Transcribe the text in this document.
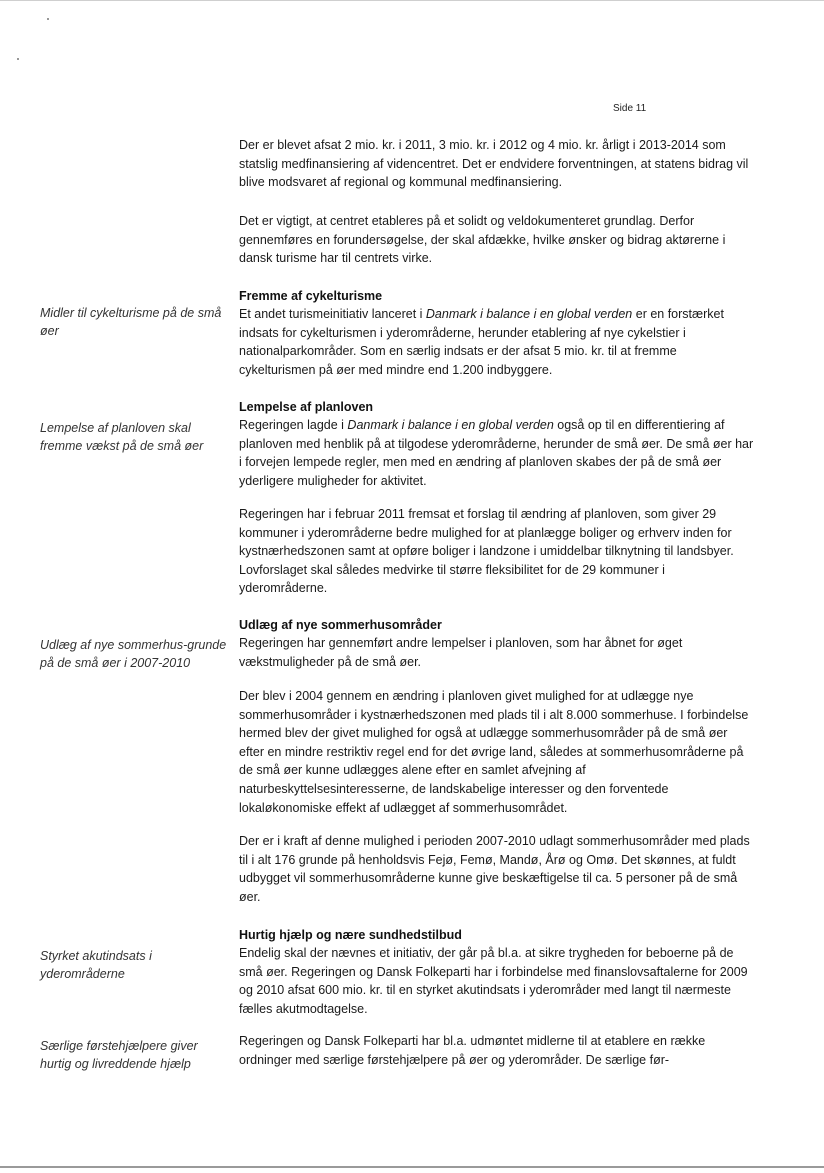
Side 11
Midler til cykelturisme på de små øer
Lempelse af planloven skal fremme vækst på de små øer
Udlæg af nye sommerhus-grunde på de små øer i 2007-2010
Styrket akutindsats i yderområderne
Særlige førstehjælpere giver hurtig og livreddende hjælp

Der er blevet afsat 2 mio. kr. i 2011, 3 mio. kr. i 2012 og 4 mio. kr. årligt i 2013-2014 som statslig medfinansiering af videncentret. Det er endvidere forventningen, at statens bidrag vil blive modsvaret af regional og kommunal medfinansiering.

Det er vigtigt, at centret etableres på et solidt og veldokumenteret grundlag. Derfor gennemføres en forundersøgelse, der skal afdække, hvilke ønsker og bidrag aktørerne i dansk turisme har til centrets virke.

Fremme af cykelturisme

Et andet turismeinitiativ lanceret i Danmark i balance i en global verden er en forstærket indsats for cykelturismen i yderområderne, herunder etablering af nye cykelstier i nationalparkområder. Som en særlig indsats er der afsat 5 mio. kr. til at fremme cykelturismen på øer med mindre end 1.200 indbyggere.

Lempelse af planloven

Regeringen lagde i Danmark i balance i en global verden også op til en differentiering af planloven med henblik på at tilgodese yderområderne, herunder de små øer. De små øer har i forvejen lempede regler, men med en ændring af planloven skabes der på de små øer yderligere muligheder for aktivitet.

Regeringen har i februar 2011 fremsat et forslag til ændring af planloven, som giver 29 kommuner i yderområderne bedre mulighed for at planlægge boliger og erhverv inden for kystnærhedszonen samt at opføre boliger i landzone i umiddelbar tilknytning til landsbyer. Lovforslaget skal således medvirke til større fleksibilitet for de 29 kommuner i yderområderne.

Udlæg af nye sommerhusområder

Regeringen har gennemført andre lempelser i planloven, som har åbnet for øget vækstmuligheder på de små øer.

Der blev i 2004 gennem en ændring i planloven givet mulighed for at udlægge nye sommerhusområder i kystnærhedszonen med plads til i alt 8.000 sommerhuse. I forbindelse hermed blev der givet mulighed for også at udlægge sommerhusområder på de små øer efter en mindre restriktiv regel end for det øvrige land, således at sommerhusområderne på de små øer kunne udlægges alene efter en samlet afvejning af naturbeskyttelsesinteresserne, de landskabelige interesser og den forventede lokaløkonomiske effekt af udlægget af sommerhusområdet.

Der er i kraft af denne mulighed i perioden 2007-2010 udlagt sommerhusområder med plads til i alt 176 grunde på henholdsvis Fejø, Femø, Mandø, Årø og Omø. Det skønnes, at fuldt udbygget vil sommerhusområderne kunne give beskæftigelse til ca. 5 personer på de små øer.

Hurtig hjælp og nære sundhedstilbud

Endelig skal der nævnes et initiativ, der går på bl.a. at sikre trygheden for beboerne på de små øer. Regeringen og Dansk Folkeparti har i forbindelse med finanslovsaftalerne for 2009 og 2010 afsat 600 mio. kr. til en styrket akutindsats i yderområder med langt til nærmeste fælles akutmodtagelse.

Regeringen og Dansk Folkeparti har bl.a. udmøntet midlerne til at etablere en række ordninger med særlige førstehjælpere på øer og yderområder. De særlige før-
